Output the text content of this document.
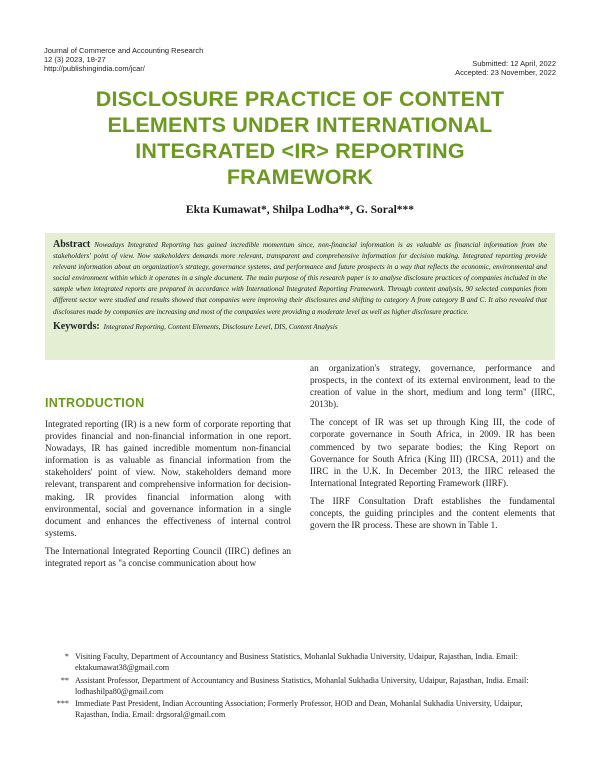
Journal of Commerce and Accounting Research
12 (3) 2023, 18-27
http://publishingindia.com/jcar/
Submitted: 12 April, 2022
Accepted: 23 November, 2022
DISCLOSURE PRACTICE OF CONTENT
ELEMENTS UNDER INTERNATIONAL
INTEGRATED <IR> REPORTING
FRAMEWORK
Ekta Kumawat*, Shilpa Lodha**, G. Soral***
Abstract Nowadays Integrated Reporting has gained incredible momentum since, non-financial information is as valuable as financial information from the stakeholders' point of view. Now stakeholders demands more relevant, transparent and comprehensive information for decision making. Integrated reporting provide relevant information about an organization's strategy, governance systems, and performance and future prospects in a way that reflects the economic, environmental and social environment within which it operates in a single document. The main purpose of this research paper is to analyse disclosure practices of companies included in the sample when integrated reports are prepared in accordance with International Integrated Reporting Framework. Through content analysis, 90 selected companies from different sector were studied and results showed that companies were improving their disclosures and shifting to category A from category B and C. It also revealed that disclosures made by companies are increasing and most of the companies were providing a moderate level as well as higher disclosure practice.
Keywords: Integrated Reporting, Content Elements, Disclosure Level, DIS, Content Analysis
INTRODUCTION

Integrated reporting (IR) is a new form of corporate reporting that provides financial and non-financial information in one report. Nowadays, IR has gained incredible momentum non-financial information is as valuable as financial information from the stakeholders' point of view. Now, stakeholders demand more relevant, transparent and comprehensive information for decision-making. IR provides financial information along with environmental, social and governance information in a single document and enhances the effectiveness of internal control systems.

The International Integrated Reporting Council (IIRC) defines an integrated report as "a concise communication about how

an organization's strategy, governance, performance and prospects, in the context of its external environment, lead to the creation of value in the short, medium and long term" (IIRC, 2013b).

The concept of IR was set up through King III, the code of corporate governance in South Africa, in 2009. IR has been commenced by two separate bodies; the King Report on Governance for South Africa (King III) (IRCSA, 2011) and the IIRC in the U.K. In December 2013, the IIRC released the International Integrated Reporting Framework (IIRF).

The IIRF Consultation Draft establishes the fundamental concepts, the guiding principles and the content elements that govern the IR process. These are shown in Table 1.

* Visiting Faculty, Department of Accountancy and Business Statistics, Mohanlal Sukhadia University, Udaipur, Rajasthan, India. Email: ektakumawat38@gmail.com
** Assistant Professor, Department of Accountancy and Business Statistics, Mohanlal Sukhadia University, Udaipur, Rajasthan, India. Email: lodhashilpa80@gmail.com
*** Immediate Past President, Indian Accounting Association; Formerly Professor, HOD and Dean, Mohanlal Sukhadia University, Udaipur, Rajasthan, India. Email: drgsoral@gmail.com
